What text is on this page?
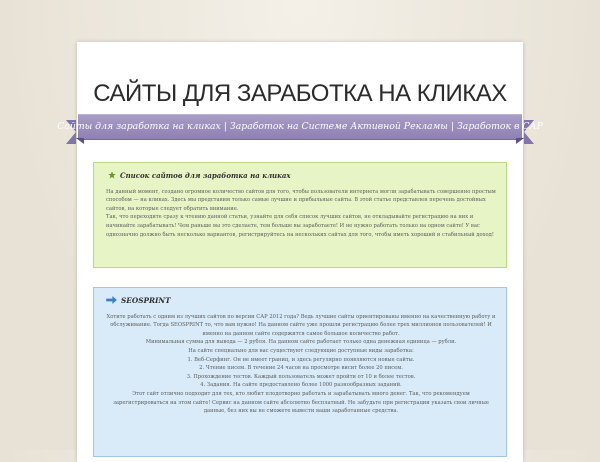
САЙТЫ ДЛЯ ЗАРАБОТКА НА КЛИКАХ
Сайты для заработка на кликах | Заработок на Системе Активной Рекламы | Заработок в САР
Список сайтов для заработка на кликах

На данный момент, создано огромное количество сайтов для того, чтобы пользователи интернета могли зарабатывать совершенно простым способом — на кликах. Здесь мы представим только самые лучшие и прибыльные сайты. В этой статье представлен перечень достойных сайтов, на которые следует обратить внимание.

Так, что переходите сразу к чтению данной статьи, узнайте для себя список лучших сайтов, не откладывайте регистрацию на них и начинайте зарабатывать! Чем раньше вы это сделаете, тем больше вы заработаете! И не нужно работать только на одном сайте! У вас однозначно должно быть несколько вариантов, регистрируйтесь на нескольких сайтах для того, чтобы иметь хороший и стабильный доход!

SEOSPRINT

Хотите работать с одним из лучших сайтов по версии САР 2012 года? Ведь лучшие сайты ориентированы именно на качественную работу и обслуживание. Тогда SEOSPRINT то, что вам нужно! На данном сайте уже прошли регистрацию более трех миллионов пользователей! И именно на данном сайте содержится самое большое количество работ.

Минимальная сумма для вывода — 2 рубля. На данном сайте работает только одна денежная единица — рубли.

На сайте специально для вас существуют следующие доступные виды заработка:

1. Веб-Серфинг. Он не имеет границ, и здесь регулярно появляются новые сайты.

2. Чтение писем. В течение 24 часов на просмотре висит более 20 писем.

3. Прохождение тестов. Каждый пользователь может пройти от 10 и более тестов.

4. Задания. На сайте предоставлено более 1000 разнообразных заданий.

Этот сайт отлично подходит для тех, кто любит плодотворно работать и зарабатывать много денег. Так, что рекомендуем зарегистрироваться на этом сайте! Сервис на данном сайте абсолютно бесплатный. Не забудьте при регистрации указать свои личные данные, без них вы не сможете вывести ваши заработанные средства.
